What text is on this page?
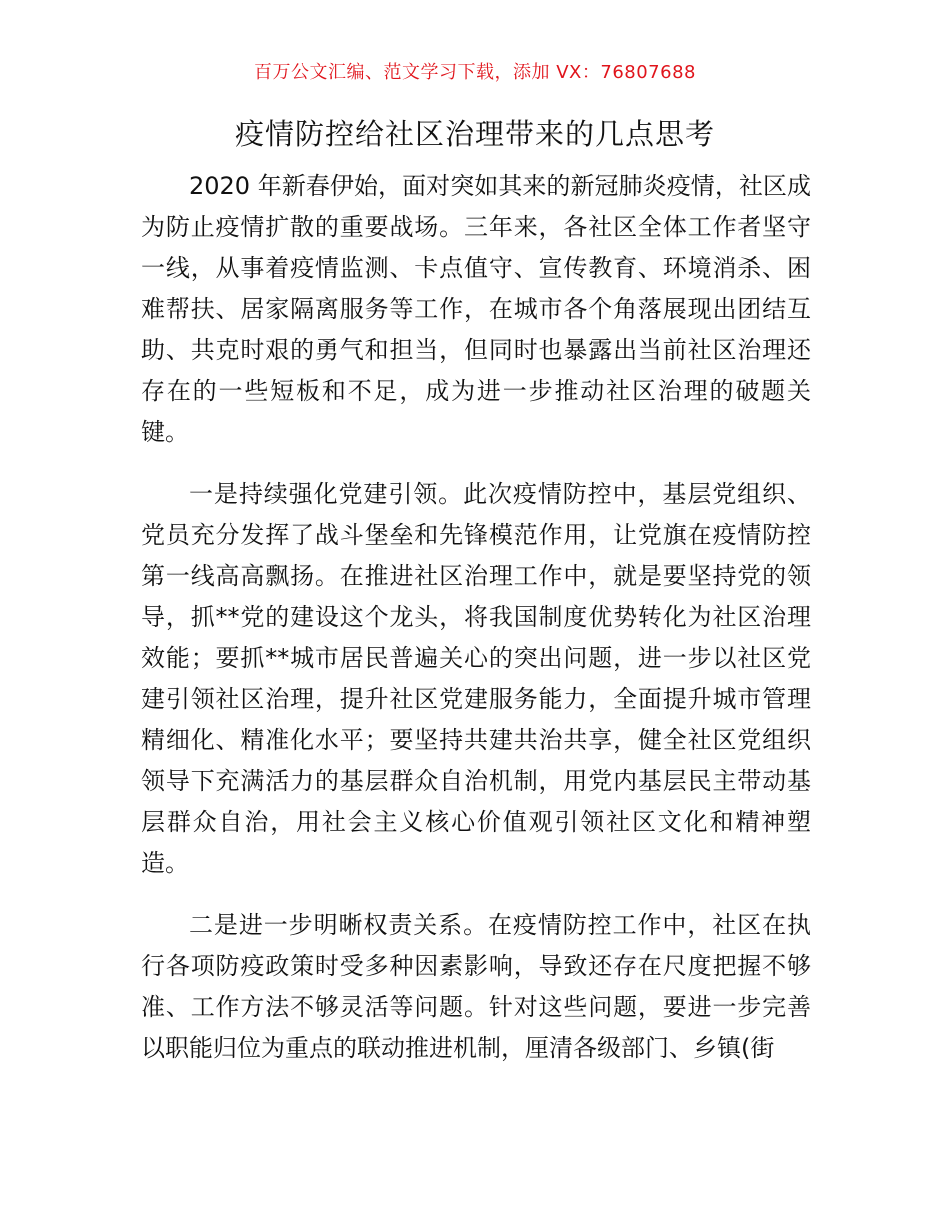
百万公文汇编、范文学习下载，添加 VX：76807688
疫情防控给社区治理带来的几点思考

2020 年新春伊始，面对突如其来的新冠肺炎疫情，社区成为防止疫情扩散的重要战场。三年来，各社区全体工作者坚守一线，从事着疫情监测、卡点值守、宣传教育、环境消杀、困难帮扶、居家隔离服务等工作，在城市各个角落展现出团结互助、共克时艰的勇气和担当，但同时也暴露出当前社区治理还存在的一些短板和不足，成为进一步推动社区治理的破题关键。

一是持续强化党建引领。此次疫情防控中，基层党组织、党员充分发挥了战斗堡垒和先锋模范作用，让党旗在疫情防控第一线高高飘扬。在推进社区治理工作中，就是要坚持党的领导，抓**党的建设这个龙头，将我国制度优势转化为社区治理效能；要抓**城市居民普遍关心的突出问题，进一步以社区党建引领社区治理，提升社区党建服务能力，全面提升城市管理精细化、精准化水平；要坚持共建共治共享，健全社区党组织领导下充满活力的基层群众自治机制，用党内基层民主带动基层群众自治，用社会主义核心价值观引领社区文化和精神塑造。

二是进一步明晰权责关系。在疫情防控工作中，社区在执行各项防疫政策时受多种因素影响，导致还存在尺度把握不够准、工作方法不够灵活等问题。针对这些问题，要进一步完善以职能归位为重点的联动推进机制，厘清各级部门、乡镇(街
